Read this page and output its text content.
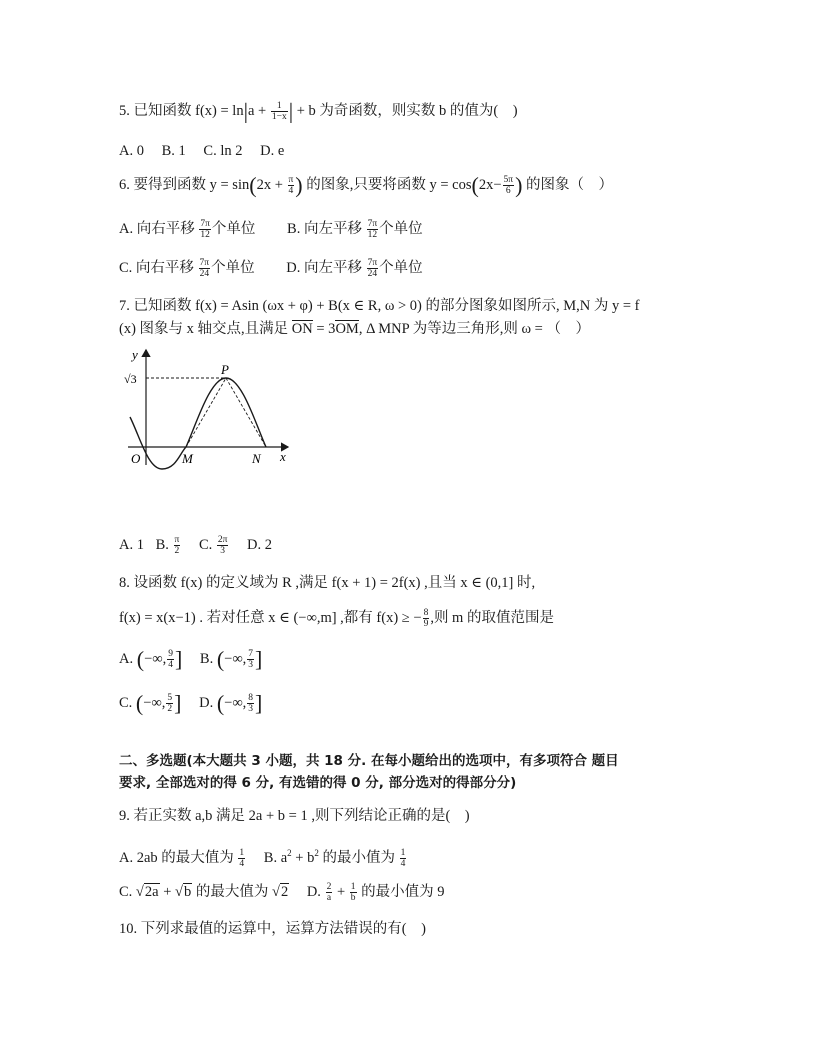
5. 已知函数 $f(x) = \ln|a + \frac{1}{1-x}$ | + b 为奇函数，则实数 b 的值为(　)
A. 0 B. 1 C. ln 2 D. e
6. 要得到函数 $y = \sin(2x + \frac{\pi}{4}$ ) 的图象,只要将函数 $y = \cos(2x- \frac{5\pi}{6}$ ) 的图象（　）
A. 向右平移 $\frac{7\pi}{12}$ 个单位 B. 向左平移 $\frac{7\pi}{12}$ 个单位
C. 向右平移 $\frac{7\pi}{24}$ 个单位 D. 向左平移 $\frac{7\pi}{24}$ 个单位
7. 已知函数 f(x) = Asin (ωx + φ) + B(x ∈ R, ω > 0) 的部分图象如图所示, M,N 为 y = f
(x) 图象与 x 轴交点,且满足 ON = 3OM, Δ MNP 为等边三角形,则 ω = （　）
y
x
O	M	N
P
√3
A. 1 B. $\frac{\pi}{2} C$. $\frac{2\pi}{3} D$. 2
8. 设函数 f(x) 的定义域为 R ,满足 f(x + 1) = 2f(x) ,且当 x ∈ (0,1] 时,
f(x) = x(x−1) . 若对任意 x ∈ (−∞,m] ,都有 f(x) ≥ − $\frac{8}{9}$ ,则 m 的取值范围是
A. (−∞, $\frac{9}{4}$ ] B. (−∞, $\frac{7}{3}$ ]
C. (−∞, $\frac{5}{2}$ ] D. (−∞, $\frac{8}{3}$ ]
二、多选题(本大题共 3 小题，共 18 分. 在每小题给出的选项中，有多项符合 题目
要求, 全部选对的得 6 分, 有选错的得 0 分, 部分选对的得部分分)
9. 若正实数 a,b 满足 2a + b = 1 ,则下列结论正确的是(　)
A. 2ab 的最大值为 $\frac{1}{4} B$. $a^2 + b^2$ 的最小值为 $\frac{1}{4}$
C. √2a + √b 的最大值为 √2 D. $\frac{2}{a} + \frac{1}{b}$ 的最小值为 9
10. 下列求最值的运算中，运算方法错误的有(　)
